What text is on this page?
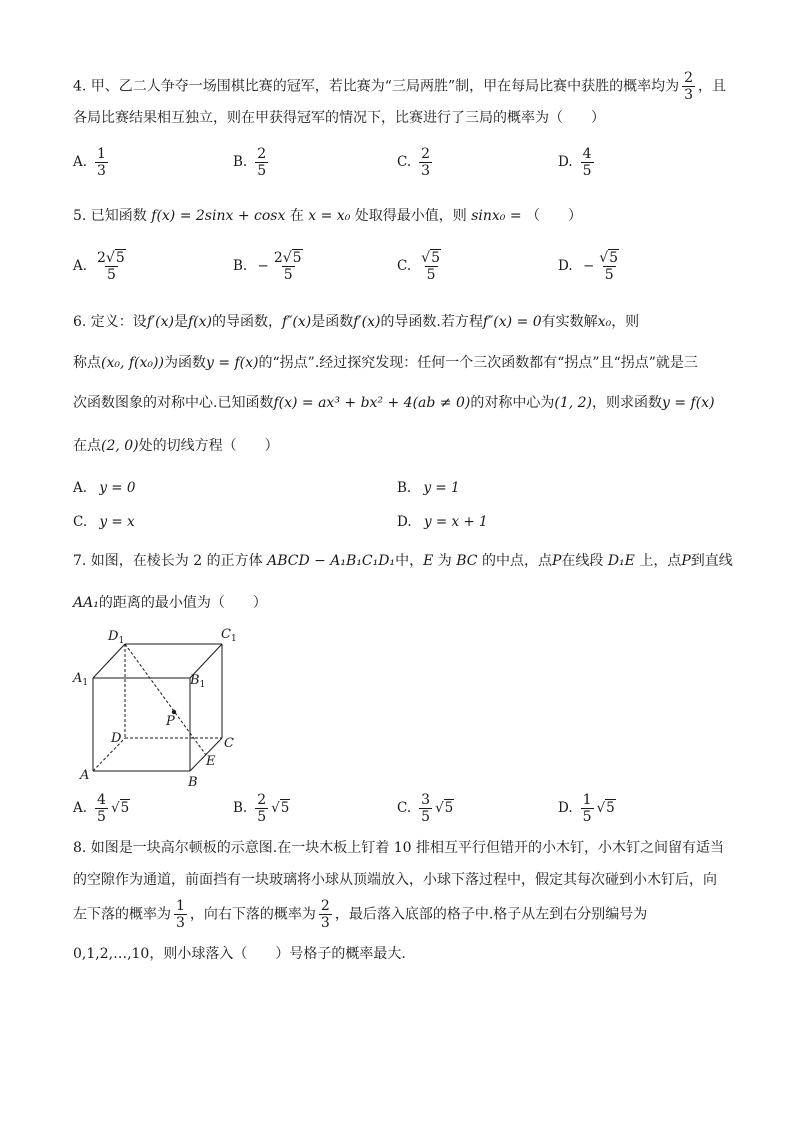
4. 甲、乙二人争夺一场围棋比赛的冠军，若比赛为“三局两胜”制，甲在每局比赛中获胜的概率均为 $\frac{2}{3}$ ，且
各局比赛结果相互独立，则在甲获得冠军的情况下，比赛进行了三局的概率为（　　）
A. $\frac{1}{3}$	B. $\frac{2}{5}$	C. $\frac{2}{3}$	D. $\frac{4}{5}$
5. 已知函数 f(x) = 2sinx + cosx 在 x = x₀ 处取得最小值，则 sinx₀ = （　　）
A. $\frac{2√5}{5}$	B. − $\frac{2√5}{5}$	C. $\frac{√5}{5}$	D. − $\frac{√5}{5}$
6. 定义：设f′(x)是f(x)的导函数，f″(x)是函数f′(x)的导函数.若方程f″(x) = 0有实数解x₀，则
称点(x₀, f(x₀))为函数y = f(x)的“拐点”.经过探究发现：任何一个三次函数都有“拐点”且“拐点”就是三
次函数图象的对称中心.已知函数f(x) = ax³ + bx² + 4(ab ≠ 0)的对称中心为(1, 2)，则求函数y = f(x)
在点(2, 0)处的切线方程（　　）
A. y = 0	B. y = 1
C. y = x	D. y = x + 1
7. 如图，在棱长为 2 的正方体 ABCD − A₁B₁C₁D₁中，E 为 BC 的中点，点P在线段 D₁E 上，点P到直线
AA₁的距离的最小值为（　　）
$D_1$	$C_1$
$A_1$	$B_1$
P
D	C
E
A	B
A. $\frac{4}{5} √5$	B. $\frac{2}{5} √5$	C. $\frac{3}{5} √5$	D. $\frac{1}{5} √5$
8. 如图是一块高尔顿板的示意图.在一块木板上钉着 10 排相互平行但错开的小木钉，小木钉之间留有适当
的空隙作为通道，前面挡有一块玻璃将小球从顶端放入，小球下落过程中，假定其每次碰到小木钉后，向
左下落的概率为 $\frac{1}{3}$ ，向右下落的概率为 $\frac{2}{3}$ ，最后落入底部的格子中.格子从左到右分别编号为
0,1,2,…,10，则小球落入（　　）号格子的概率最大.
